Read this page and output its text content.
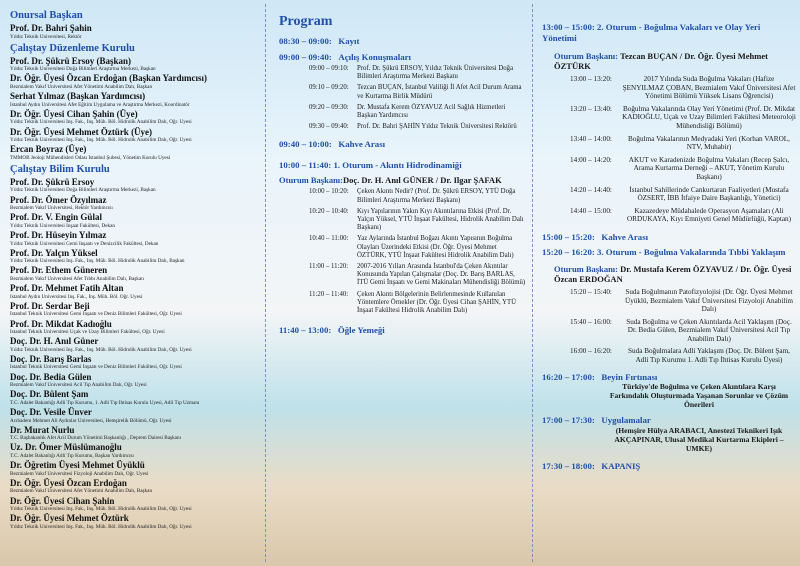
Onursal Başkan
Prof. Dr. Bahri Şahin
Yıldız Teknik Üniversitesi, Rektör
Çalıştay Düzenleme Kurulu
Prof. Dr. Şükrü Ersoy (Başkan)
Yıldız Teknik Üniversitesi Doğa Bilimleri Araştırma Merkezi, Başkan
Dr. Öğr. Üyesi Özcan Erdoğan (Başkan Yardımcısı)
Bezmialem Vakıf Üniversitesi Afet Yönetimi Anabilim Dalı, Başkan
Serhat Yılmaz (Başkan Yardımcısı)
İstanbul Aydın Üniversitesi Afet Eğitim Uygulama ve Araştırma Merkezi, Koordinatör
Dr. Öğr. Üyesi Cihan Şahin (Üye)
Yıldız Teknik Üniversitesi İnş. Fak., İnş. Müh. Böl. Hidrolik Anabilim Dalı, Öğr. Üyesi
Dr. Öğr. Üyesi Mehmet Öztürk (Üye)
Yıldız Teknik Üniversitesi İnş. Fak., İnş. Müh. Böl. Hidrolik Anabilim Dalı, Öğr. Üyesi
Ercan Boyraz (Üye)
TMMOB Jeoloji Mühendisleri Odası İstanbul Şubesi, Yönetim Kurulu Üyesi
Çalıştay Bilim Kurulu
Prof. Dr. Şükrü Ersoy
Yıldız Teknik Üniversitesi Doğa Bilimleri Araştırma Merkezi, Başkan
Prof. Dr. Ömer Özyılmaz
Bezmialem Vakıf Üniversitesi, Rektör Yardımcısı
Prof. Dr. V. Engin Gülal
Yıldız Teknik Üniversitesi İnşaat Fakültesi, Dekan
Prof. Dr. Hüseyin Yılmaz
Yıldız Teknik Üniversitesi Gemi İnşaatı ve Denizcilik Fakültesi, Dekan
Prof. Dr. Yalçın Yüksel
Yıldız Teknik Üniversitesi İnş. Fak., İnş. Müh. Böl. Hidrolik Anabilim Dalı, Başkan
Prof. Dr. Ethem Güneren
Bezmialem Vakıf Üniversitesi Afet Tıbbı Anabilim Dalı, Başkan
Prof. Dr. Mehmet Fatih Altan
İstanbul Aydın Üniversitesi İnş. Fak., İnş. Müh. Böl. Öğr. Üyesi
Prof. Dr. Serdar Beji
İstanbul Teknik Üniversitesi Gemi İnşaatı ve Deniz Bilimleri Fakültesi, Öğr. Üyesi
Prof. Dr. Mikdat Kadıoğlu
İstanbul Teknik Üniversitesi Uçak ve Uzay Bilimleri Fakültesi, Öğr. Üyesi
Doç. Dr. H. Anıl Güner
Yıldız Teknik Üniversitesi İnş. Fak., İnş. Müh. Böl. Hidrolik Anabilim Dalı, Öğr. Üyesi
Doç. Dr. Barış Barlas
İstanbul Teknik Üniversitesi Gemi İnşaatı ve Deniz Bilimleri Fakültesi, Öğr. Üyesi
Doç. Dr. Bedia Gülen
Bezmialem Vakıf Üniversitesi Acil Tıp Anabilim Dalı, Öğr. Üyesi
Doç. Dr. Bülent Şam
T.C. Adalet Bakanlığı Adli Tıp Kurumu, 1. Adli Tıp İhtisas Kurulu Üyesi, Adli Tıp Uzmanı
Doç. Dr. Vesile Ünver
Acıbadem Mehmet Ali Aydınlar Üniversitesi, Hemşirelik Bölümü, Öğr. Üyesi
Dr. Murat Nurlu
T.C. Başbakanlık Afet Acil Durum Yönetimi Başkanlığı , Deprem Dairesi Başkanı
Uz. Dr. Ömer Müslümanoğlu
T.C. Adalet Bakanlığı Adli Tıp Kurumu, Başkan Yardımcısı
Dr. Öğretim Üyesi Mehmet Üyüklü
Bezmialem Vakıf Üniversitesi Fizyoloji Anabilim Dalı, Öğr. Üyesi
Dr. Öğr. Üyesi Özcan Erdoğan
Bezmialem Vakıf Üniversitesi Afet Yönetimi Anabilim Dalı, Başkan
Dr. Öğr. Üyesi Cihan Şahin
Yıldız Teknik Üniversitesi İnş. Fak., İnş. Müh. Böl. Hidrolik Anabilim Dalı, Öğr. Üyesi
Dr. Öğr. Üyesi Mehmet Öztürk
Yıldız Teknik Üniversitesi İnş. Fak., İnş. Müh. Böl. Hidrolik Anabilim Dalı, Öğr. Üyesi
Program
08:30 – 09:00: Kayıt
09:00 – 09:40: Açılış Konuşmaları
09:00 – 09:10:	Prof. Dr. Şükrü ERSOY, Yıldız Teknik Üniversitesi Doğa Bilimleri Araştırma Merkezi Başkanı
09:10 – 09:20:	Tezcan BUÇAN, İstanbul Valiliği İl Afet Acil Durum Arama ve Kurtarma Birlik Müdürü
09:20 – 09:30:	Dr. Mustafa Kerem ÖZYAVUZ Acil Sağlık Hizmetleri Başkan Yardımcısı
09:30 – 09:40:	Prof. Dr. Bahri ŞAHİN Yıldız Teknik Üniversitesi Rektörü
09:40 – 10:00: Kahve Arası
10:00 – 11:40: 1. Oturum - Akıntı Hidrodinamiği
Oturum Başkanı:Doç. Dr. H. Anıl GÜNER / Dr. Ilgar ŞAFAK
10:00 – 10:20:	Çeken Akıntı Nedir? (Prof. Dr. Şükrü ERSOY, YTÜ Doğa Bilimleri Araştırma Merkezi Başkanı)
10:20 – 10:40:	Kıyı Yapılarının Yakın Kıyı Akıntılarına Etkisi (Prof. Dr. Yalçın Yüksel, YTÜ İnşaat Fakültesi, Hidrolik Anabilim Dalı Başkanı)
10:40 – 11:00:	Yaz Aylarında İstanbul Boğazı Akıntı Yapısının Boğulma Olayları Üzerindeki Etkisi (Dr. Öğr. Üyesi Mehmet ÖZTÜRK, YTÜ İnşaat Fakültesi Hidrolik Anabilim Dalı)
11:00 – 11:20:	2007-2016 Yılları Arasında İstanbul'da Çeken Akıntılar Konusunda Yapılan Çalışmalar (Doç. Dr. Barış BARLAS, İTÜ Gemi İnşaatı ve Gemi Makinaları Mühendisliği Bölümü)
11:20 – 11:40:	Çeken Akıntı Bölgelerinin Belirlenmesinde Kullanılan Yöntemlere Örnekler (Dr. Öğr. Üyesi Cihan ŞAHİN, YTÜ İnşaat Fakültesi Hidrolik Anabilim Dalı)
11:40 – 13:00: Öğle Yemeği
13:00 – 15:00: 2. Oturum - Boğulma Vakaları ve Olay Yeri Yönetimi
Oturum Başkanı: Tezcan BUÇAN / Dr. Öğr. Üyesi Mehmet ÖZTÜRK
13:00 – 13:20:	2017 Yılında Suda Boğulma Vakaları (Hafize ŞENYILMAZ ÇOBAN, Bezmialem Vakıf Üniversitesi Afet Yönetimi Bölümü Yüksek Lisans Öğrencisi)
13:20 – 13:40:	Boğulma Vakalarında Olay Yeri Yönetimi (Prof. Dr. Mikdat KADIOĞLU, Uçak ve Uzay Bilimleri Fakültesi Meteoroloji Mühendisliği Bölümü)
13:40 – 14:00:	Boğulma Vakalarının Medyadaki Yeri (Korhan VAROL, NTV, Muhabir)
14:00 – 14:20:	AKUT ve Karadenizde Boğulma Vakaları (Recep Şalcı, Arama Kurtarma Derneği – AKUT, Yönetim Kurulu Başkanı)
14:20 – 14:40:	İstanbul Sahillerinde Cankurtaran Faaliyetleri (Mustafa ÖZSERT, İBB İtfaiye Daire Başkanlığı, Yönetici)
14:40 – 15:00:	Kazazedeye Müdahalede Operasyon Aşamaları (Ali ORDUKAYA, Kıyı Emniyeti Genel Müdürlüğü, Kaptan)
15:00 – 15:20: Kahve Arası
15:20 – 16:20: 3. Oturum - Boğulma Vakalarında Tıbbi Yaklaşım
Oturum Başkanı: Dr. Mustafa Kerem ÖZYAVUZ / Dr. Öğr. Üyesi Özcan ERDOĞAN
15:20 – 15:40:	Suda Boğulmanın Patofizyolojisi (Dr. Öğr. Üyesi Mehmet Üyüklü, Bezmialem Vakıf Üniversitesi Fizyoloji Anabilim Dalı)
15:40 – 16:00:	Suda Boğulma ve Çeken Akıntılarda Acil Yaklaşım (Doç. Dr. Bedia Gülen, Bezmialem Vakıf Üniversitesi Acil Tıp Anabilim Dalı)
16:00 – 16:20:	Suda Boğulmalara Adli Yaklaşım (Doç. Dr. Bülent Şam, Adli Tıp Kurumu 1. Adli Tıp İhtisas Kurulu Üyesi)
16:20 – 17:00: Beyin Fırtınası
Türkiye'de Boğulma ve Çeken Akıntılara Karşı Farkındalık Oluşturmada Yaşanan Sorunlar ve Çözüm Önerileri
17:00 – 17:30: Uygulamalar
(Hemşire Hülya ARABACI, Anestezi Teknikeri Işık AKÇAPINAR, Ulusal Medikal Kurtarma Ekipleri – UMKE)
17:30 – 18:00: KAPANIŞ
